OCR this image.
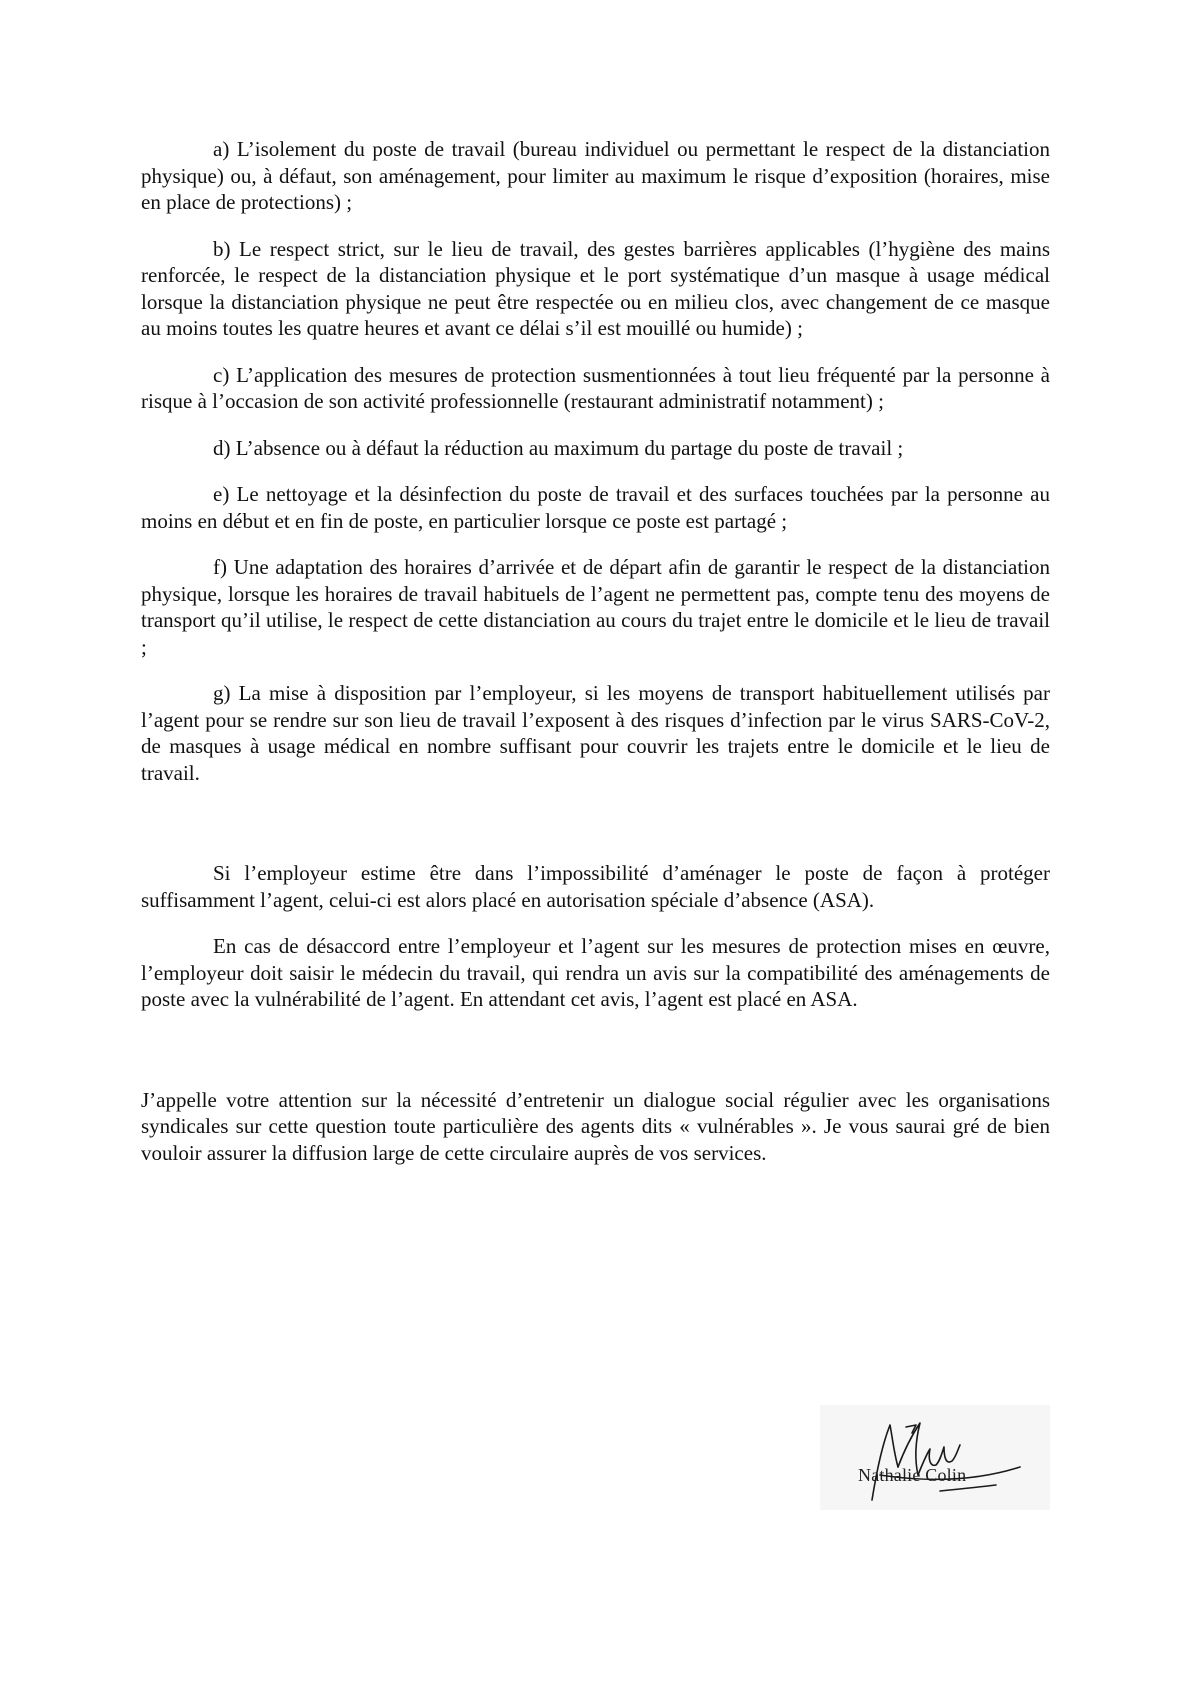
a) L’isolement du poste de travail (bureau individuel ou permettant le respect de la distanciation physique) ou, à défaut, son aménagement, pour limiter au maximum le risque d’exposition (horaires, mise en place de protections) ;

b) Le respect strict, sur le lieu de travail, des gestes barrières applicables (l’hygiène des mains renforcée, le respect de la distanciation physique et le port systématique d’un masque à usage médical lorsque la distanciation physique ne peut être respectée ou en milieu clos, avec changement de ce masque au moins toutes les quatre heures et avant ce délai s’il est mouillé ou humide) ;

c) L’application des mesures de protection susmentionnées à tout lieu fréquenté par la personne à risque à l’occasion de son activité professionnelle (restaurant administratif notamment) ;

d) L’absence ou à défaut la réduction au maximum du partage du poste de travail ;

e) Le nettoyage et la désinfection du poste de travail et des surfaces touchées par la personne au moins en début et en fin de poste, en particulier lorsque ce poste est partagé ;

f) Une adaptation des horaires d’arrivée et de départ afin de garantir le respect de la distanciation physique, lorsque les horaires de travail habituels de l’agent ne permettent pas, compte tenu des moyens de transport qu’il utilise, le respect de cette distanciation au cours du trajet entre le domicile et le lieu de travail ;

g) La mise à disposition par l’employeur, si les moyens de transport habituellement utilisés par l’agent pour se rendre sur son lieu de travail l’exposent à des risques d’infection par le virus SARS-CoV-2, de masques à usage médical en nombre suffisant pour couvrir les trajets entre le domicile et le lieu de travail.

Si l’employeur estime être dans l’impossibilité d’aménager le poste de façon à protéger suffisamment l’agent, celui-ci est alors placé en autorisation spéciale d’absence (ASA).

En cas de désaccord entre l’employeur et l’agent sur les mesures de protection mises en œuvre, l’employeur doit saisir le médecin du travail, qui rendra un avis sur la compatibilité des aménagements de poste avec la vulnérabilité de l’agent. En attendant cet avis, l’agent est placé en ASA.

J’appelle votre attention sur la nécessité d’entretenir un dialogue social régulier avec les organisations syndicales sur cette question toute particulière des agents dits « vulnérables ». Je vous saurai gré de bien vouloir assurer la diffusion large de cette circulaire auprès de vos services.

Nathalie Colin
